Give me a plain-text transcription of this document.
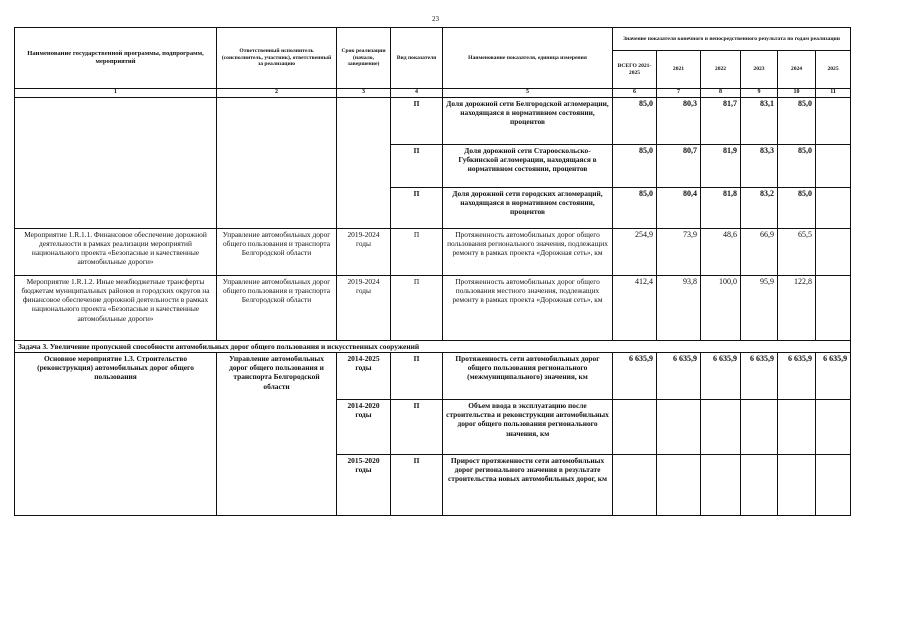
23
Наименование государственной программы, подпрограмм, мероприятий	Ответственный исполнитель (соисполнитель, участник), ответственный за реализацию	Срок реализации (начало, завершение)	Вид показателя	Наименование показателя, единица измерения	Значение показателя конечного и непосредственного результата по годам реализации					
					ВСЕГО 2021-2025	2021	2022	2023	2024	2025
1	2	3	4	5	6	7	8	9	10	11
			П	Доля дорожной сети Белгородской агломерации, находящаяся в нормативном состоянии, процентов	85,0	80,3	81,7	83,1	85,0	
			П	Доля дорожной сети Старооскольско-Губкинской агломерации, находящаяся в нормативном состоянии, процентов	85,0	80,7	81,9	83,3	85,0	
			П	Доля дорожной сети городских агломераций, находящаяся в нормативном состоянии, процентов	85,0	80,4	81,8	83,2	85,0	
Мероприятие 1.R.1.1. Финансовое обеспечение дорожной деятельности в рамках реализации мероприятий национального проекта «Безопасные и качественные автомобильные дороги»	Управление автомобильных дорог общего пользования и транспорта Белгородской области	2019-2024 годы	П	Протяженность автомобильных дорог общего пользования регионального значения, подлежащих ремонту в рамках проекта «Дорожная сеть», км	254,9	73,9	48,6	66,9	65,5	
Мероприятие 1.R.1.2. Иные межбюджетные трансферты бюджетам муниципальных районов и городских округов на финансовое обеспечение дорожной деятельности в рамках национального проекта «Безопасные и качественные автомобильные дороги»	Управление автомобильных дорог общего пользования и транспорта Белгородской области	2019-2024 годы	П	Протяженность автомобильных дорог общего пользования местного значения, подлежащих ремонту в рамках проекта «Дорожная сеть», км	412,4	93,8	100,0	95,9	122,8	
Задача 3. Увеличение пропускной способности автомобильных дорог общего пользования и искусственных сооружений										
Основное мероприятие 1.3. Строительство (реконструкция) автомобильных дорог общего пользования	Управление автомобильных дорог общего пользования и транспорта Белгородской области	2014-2025 годы	П	Протяженность сети автомобильных дорог общего пользования регионального (межмуниципального) значения, км	6 635,9	6 635,9	6 635,9	6 635,9	6 635,9	6 635,9
		2014-2020 годы	П	Объем ввода в эксплуатацию после строительства и реконструкции автомобильных дорог общего пользования регионального значения, км						
		2015-2020 годы	П	Прирост протяженности сети автомобильных дорог регионального значения в результате строительства новых автомобильных дорог, км						
